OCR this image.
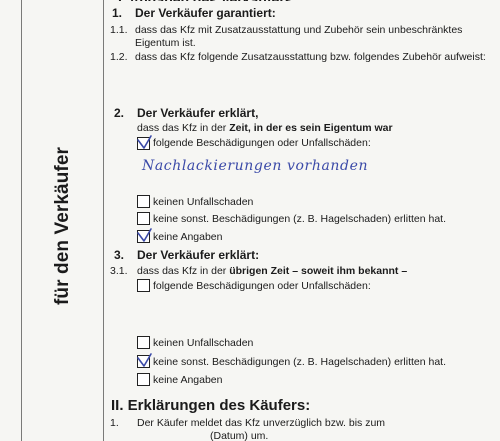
für den Verkäufer
1. Der Verkäufer garantiert:
1.1. dass das Kfz mit Zusatzausstattung und Zubehör sein unbeschränktes
Eigentum ist.
1.2. dass das Kfz folgende Zusatzausstattung bzw. folgendes Zubehör aufweist:
2. Der Verkäufer erklärt,
dass das Kfz in der Zeit, in der es sein Eigentum war
folgende Beschädigungen oder Unfallschäden:
Nachlackierungen vorhanden
keinen Unfallschaden
keine sonst. Beschädigungen (z. B. Hagelschaden) erlitten hat.
keine Angaben
3. Der Verkäufer erklärt:
3.1. dass das Kfz in der übrigen Zeit – soweit ihm bekannt –
folgende Beschädigungen oder Unfallschäden:
keinen Unfallschaden
keine sonst. Beschädigungen (z. B. Hagelschaden) erlitten hat.
keine Angaben
II. Erklärungen des Käufers:
1. Der Käufer meldet das Kfz unverzüglich bzw. bis zum
(Datum) um.
